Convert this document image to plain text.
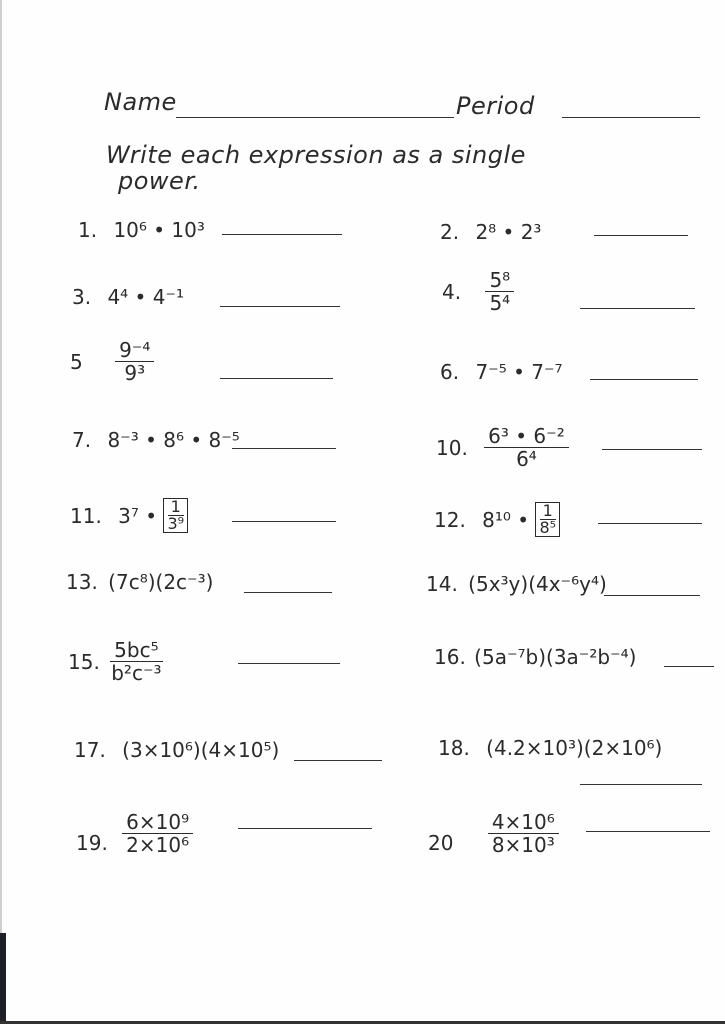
Name	Period
Write each expression as a single
power.
1. 10⁶ • 10³	2. 2⁸ • 2³
3. 4⁴ • 4⁻¹	4. $\frac{\text{5⁸}}{\text{5⁴}}$
$5 \frac{\text{9⁻⁴}}{\text{9³}}$	6. 7⁻⁵ • 7⁻⁷
7. 8⁻³ • 8⁶ • 8⁻⁵	10. $\frac{\text{6³ • 6⁻²}}{\text{6⁴}}$
11. 3⁷ • $\frac{1}{\text{3⁹}}$	12. 8¹⁰ • $\frac{1}{\text{8⁵}}$
13. (7c⁸)(2c⁻³)	14. (5x³y)(4x⁻⁶y⁴)
15. $\frac{\text{5bc⁵}}{\text{b²c⁻³}}$	16. (5a⁻⁷b)(3a⁻²b⁻⁴)
17. (3×10⁶)(4×10⁵)	18. (4.2×10³)(2×10⁶)
19. $\frac{\text{6×10⁹}}{\text{2×10⁶}}$	$20 \frac{\text{4×10⁶}}{\text{8×10³}}$
